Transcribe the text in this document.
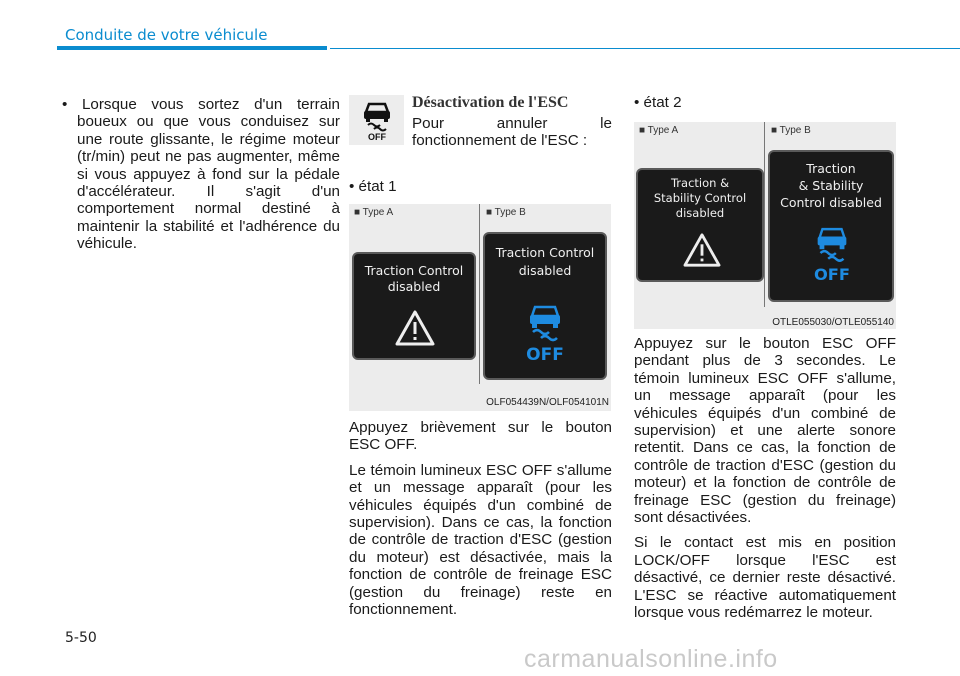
Conduite de votre véhicule
• Lorsque vous sortez d'un terrain boueux ou que vous conduisez sur une route glissante, le régime moteur (tr/min) peut ne pas augmenter, même si vous appuyez à fond sur la pédale d'accélérateur. Il s'agit d'un comportement normal destiné à maintenir la stabilité et l'adhérence du véhicule.
OFF
Désactivation de l'ESC

Pour annuler le fonctionnement de l'ESC :

• état 1
■ Type A	■ Type B
Traction Control
disabled
Traction Control
disabled
OFF
OLF054439N/OLF054101N

Appuyez brièvement sur le bouton ESC OFF.

Le témoin lumineux ESC OFF s'allume et un message apparaît (pour les véhicules équipés d'un combiné de supervision). Dans ce cas, la fonction de contrôle de traction d'ESC (gestion du moteur) est désactivée, mais la fonction de contrôle de freinage ESC (gestion du freinage) reste en fonctionnement.

• état 2
■ Type A	■ Type B
Traction &
Stability Control
disabled
Traction
& Stability
Control disabled
OFF
OTLE055030/OTLE055140

Appuyez sur le bouton ESC OFF pendant plus de 3 secondes. Le témoin lumineux ESC OFF s'allume, un message apparaît (pour les véhicules équipés d'un combiné de supervision) et une alerte sonore retentit. Dans ce cas, la fonction de contrôle de traction d'ESC (gestion du moteur) et la fonction de contrôle de freinage ESC (gestion du freinage) sont désactivées.

Si le contact est mis en position LOCK/OFF lorsque l'ESC est désactivé, ce dernier reste désactivé. L'ESC se réactive automatiquement lorsque vous redémarrez le moteur.

5-50
carmanualsonline.info
